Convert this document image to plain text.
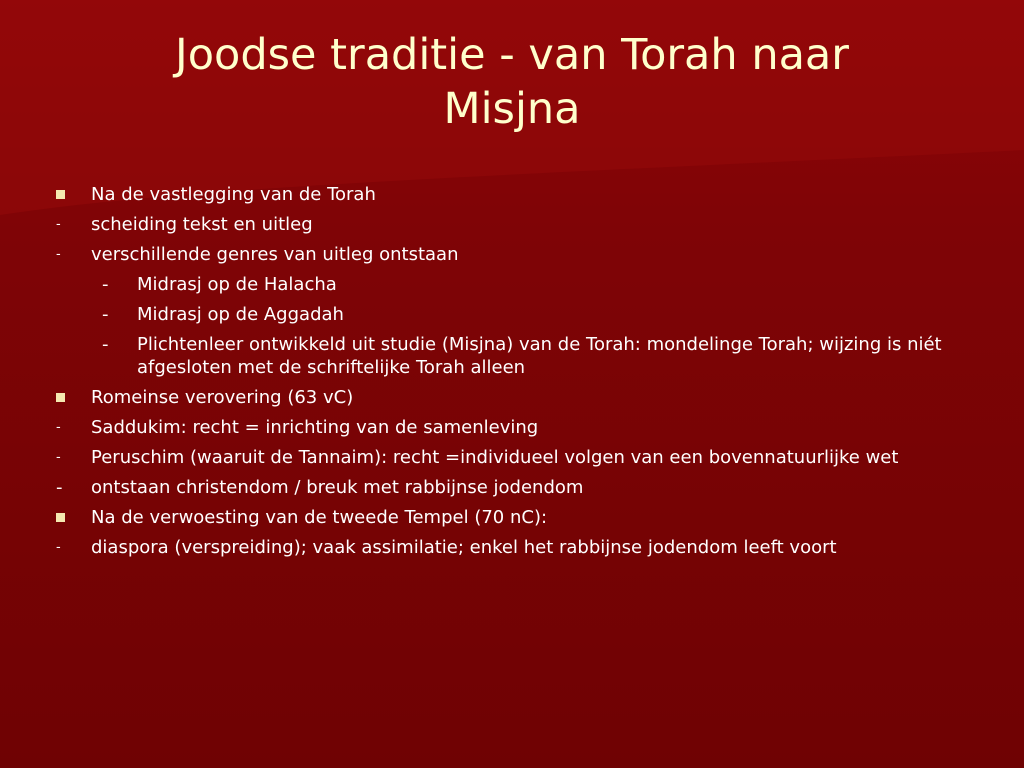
Joodse traditie - van Torah naar
Misjna
Na de vastlegging van de Torah
- scheiding tekst en uitleg
- verschillende genres van uitleg ontstaan
- Midrasj op de Halacha
- Midrasj op de Aggadah
- Plichtenleer ontwikkeld uit studie (Misjna) van de Torah: mondelinge Torah; wijzing is niét afgesloten met de schriftelijke Torah alleen
Romeinse verovering (63 vC)
- Saddukim: recht = inrichting van de samenleving
- Peruschim (waaruit de Tannaim): recht =individueel volgen van een bovennatuurlijke wet
- ontstaan christendom / breuk met rabbijnse jodendom
Na de verwoesting van de tweede Tempel (70 nC):
- diaspora (verspreiding); vaak assimilatie; enkel het rabbijnse jodendom leeft voort
